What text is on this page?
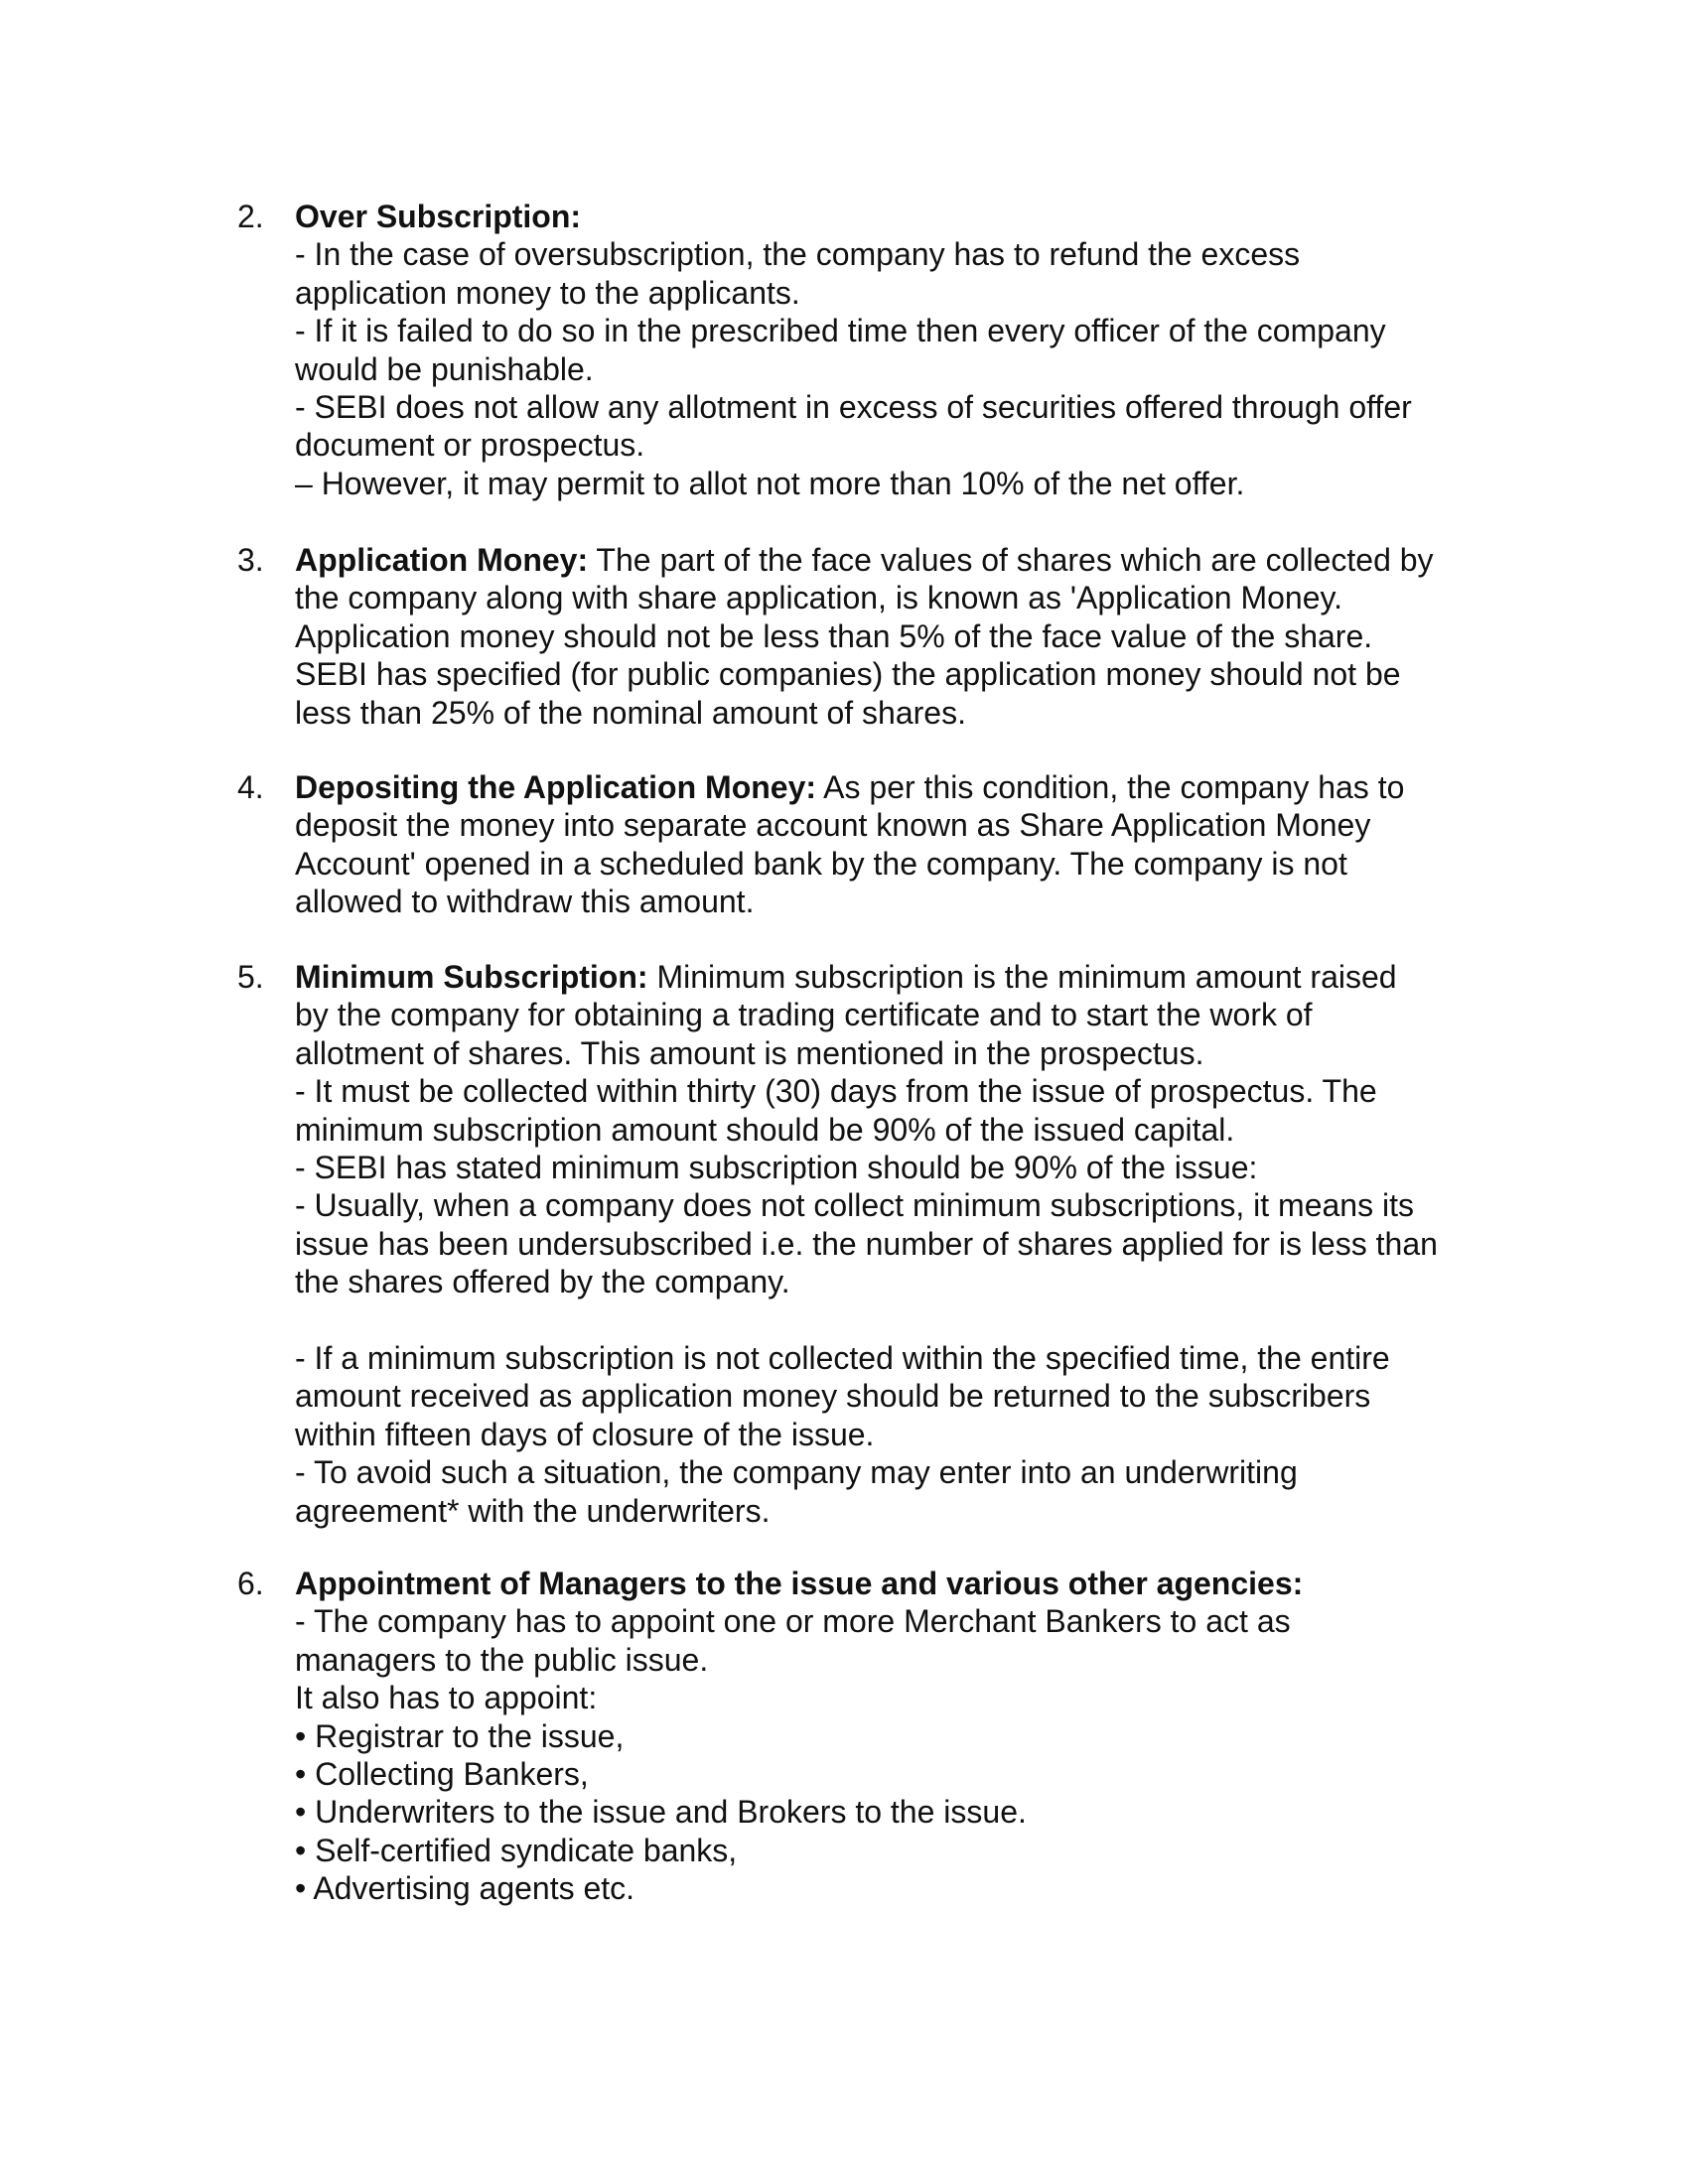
2. Over Subscription:
- In the case of oversubscription, the company has to refund the excess
application money to the applicants.
- If it is failed to do so in the prescribed time then every officer of the company
would be punishable.
- SEBI does not allow any allotment in excess of securities offered through offer
document or prospectus.
– However, it may permit to allot not more than 10% of the net offer.
3. Application Money: The part of the face values of shares which are collected by
the company along with share application, is known as 'Application Money.
Application money should not be less than 5% of the face value of the share.
SEBI has specified (for public companies) the application money should not be
less than 25% of the nominal amount of shares.
4. Depositing the Application Money: As per this condition, the company has to
deposit the money into separate account known as Share Application Money
Account' opened in a scheduled bank by the company. The company is not
allowed to withdraw this amount.
5. Minimum Subscription: Minimum subscription is the minimum amount raised
by the company for obtaining a trading certificate and to start the work of
allotment of shares. This amount is mentioned in the prospectus.
- It must be collected within thirty (30) days from the issue of prospectus. The
minimum subscription amount should be 90% of the issued capital.
- SEBI has stated minimum subscription should be 90% of the issue:
- Usually, when a company does not collect minimum subscriptions, it means its
issue has been undersubscribed i.e. the number of shares applied for is less than
the shares offered by the company.
- If a minimum subscription is not collected within the specified time, the entire
amount received as application money should be returned to the subscribers
within fifteen days of closure of the issue.
- To avoid such a situation, the company may enter into an underwriting
agreement* with the underwriters.
6. Appointment of Managers to the issue and various other agencies:
- The company has to appoint one or more Merchant Bankers to act as
managers to the public issue.
It also has to appoint:
• Registrar to the issue,
• Collecting Bankers,
• Underwriters to the issue and Brokers to the issue.
• Self-certified syndicate banks,
• Advertising agents etc.
